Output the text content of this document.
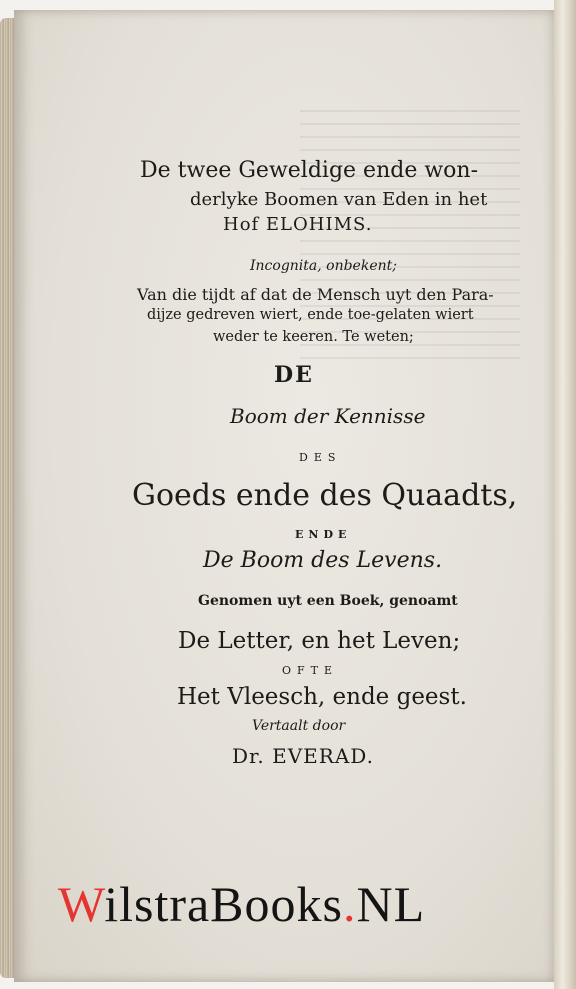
De twee Geweldige ende won-
derlyke Boomen van Eden in het
Hof ELOHIMS.
Incognita, onbekent;
Van die tijdt af dat de Mensch uyt den Para-
dijze gedreven wiert, ende toe-gelaten wiert
weder te keeren. Te weten;
DE
Boom der Kennisse
DES
Goeds ende des Quaadts,
ENDE
De Boom des Levens.
Genomen uyt een Boek, genoamt
De Letter, en het Leven;
OFTE
Het Vleesch, ende geest.
Vertaalt door
Dr. EVERAD.
WilstraBooks.NL
